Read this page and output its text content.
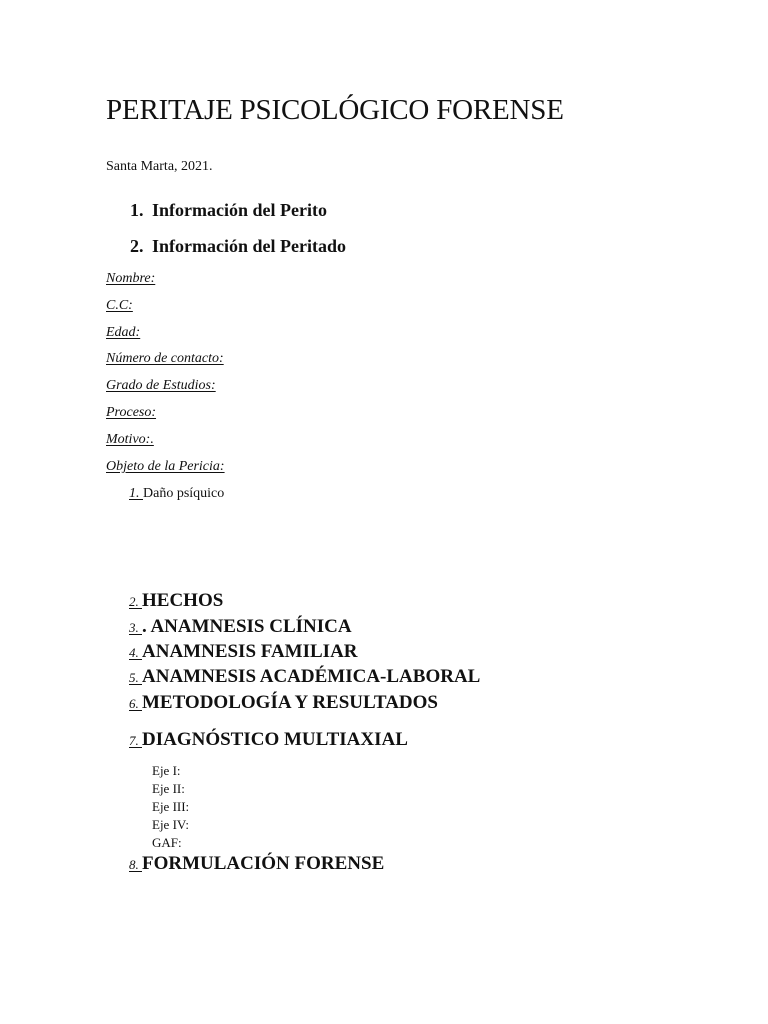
PERITAJE PSICOLÓGICO FORENSE
Santa Marta, 2021.
1. Información del Perito
2. Información del Peritado
Nombre:
C.C:
Edad:
Número de contacto:
Grado de Estudios:
Proceso:
Motivo:.
Objeto de la Pericia:
1. Daño psíquico
2. HECHOS
3. . ANAMNESIS CLÍNICA
4. ANAMNESIS FAMILIAR
5. ANAMNESIS ACADÉMICA-LABORAL
6. METODOLOGÍA Y RESULTADOS
7. DIAGNÓSTICO MULTIAXIAL
Eje I:
Eje II:
Eje III:
Eje IV:
GAF:
8. FORMULACIÓN FORENSE
